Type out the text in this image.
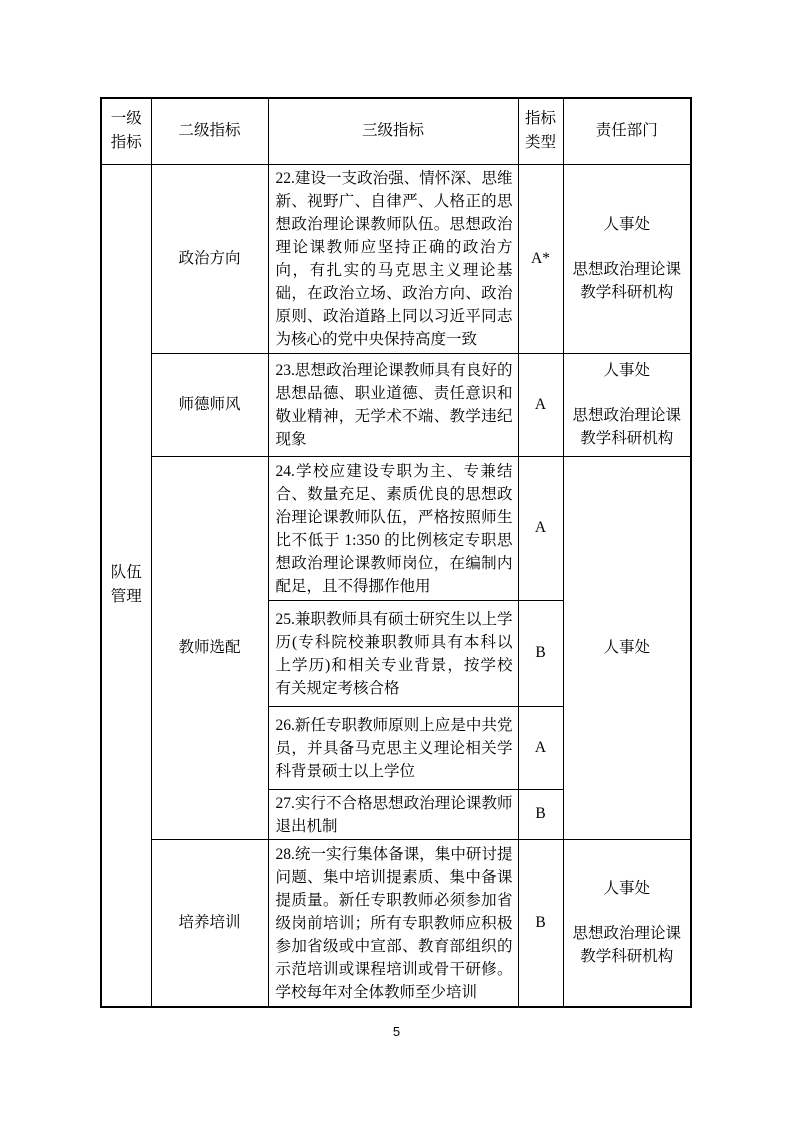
一级指标	二级指标	三级指标	指标类型	责任部门
队伍管理	政治方向	22.建设一支政治强、情怀深、思维新、视野广、自律严、人格正的思想政治理论课教师队伍。思想政治理论课教师应坚持正确的政治方向，有扎实的马克思主义理论基础，在政治立场、政治方向、政治原则、政治道路上同以习近平同志为核心的党中央保持高度一致	A*	人事处
思想政治理论课
教学科研机构

	师德师风	23.思想政治理论课教师具有良好的思想品德、职业道德、责任意识和敬业精神，无学术不端、教学违纪现象	A	人事处
思想政治理论课
教学科研机构

	教师选配	24.学校应建设专职为主、专兼结合、数量充足、素质优良的思想政治理论课教师队伍，严格按照师生比不低于 1:350 的比例核定专职思想政治理论课教师岗位，在编制内配足，且不得挪作他用	A	人事处

		25.兼职教师具有硕士研究生以上学历(专科院校兼职教师具有本科以上学历)和相关专业背景，按学校有关规定考核合格	B	
		26.新任专职教师原则上应是中共党员，并具备马克思主义理论相关学科背景硕士以上学位	A	
		27.实行不合格思想政治理论课教师退出机制	B	
	培养培训	28.统一实行集体备课，集中研讨提问题、集中培训提素质、集中备课提质量。新任专职教师必须参加省级岗前培训；所有专职教师应积极参加省级或中宣部、教育部组织的示范培训或课程培训或骨干研修。学校每年对全体教师至少培训	B	人事处
思想政治理论课
教学科研机构
5
